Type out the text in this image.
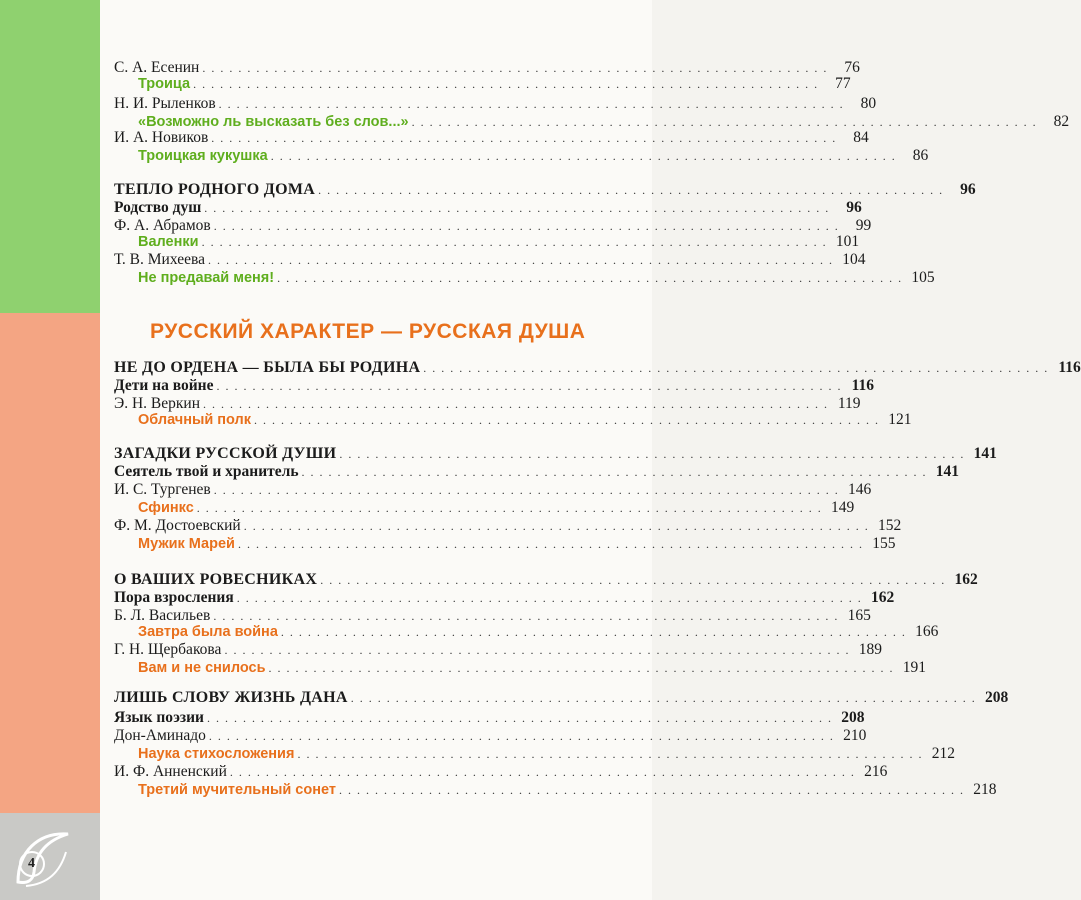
4
РУССКИЙ ХАРАКТЕР — РУССКАЯ ДУША
С. А. Есенин . . . . . . . . . . . . . . . . . . . . . . . . . . . . . . . . . . . . . . . . . . . . . . . . . . . . . . . . . . . . . . . . . . . . . .	76
Троица . . . . . . . . . . . . . . . . . . . . . . . . . . . . . . . . . . . . . . . . . . . . . . . . . . . . . . . . . . . . . . . . . . . . . .	77
Н. И. Рыленков . . . . . . . . . . . . . . . . . . . . . . . . . . . . . . . . . . . . . . . . . . . . . . . . . . . . . . . . . . . . . . . . . . . . . .	80
«Возможно ль высказать без слов...» . . . . . . . . . . . . . . . . . . . . . . . . . . . . . . . . . . . . . . . . . . . . . . . . . . . . . . . . . . . . . . . . . . . . . .	82
И. А. Новиков . . . . . . . . . . . . . . . . . . . . . . . . . . . . . . . . . . . . . . . . . . . . . . . . . . . . . . . . . . . . . . . . . . . . . .	84
Троицкая кукушка . . . . . . . . . . . . . . . . . . . . . . . . . . . . . . . . . . . . . . . . . . . . . . . . . . . . . . . . . . . . . . . . . . . . . .	86
ТЕПЛО РОДНОГО ДОМА . . . . . . . . . . . . . . . . . . . . . . . . . . . . . . . . . . . . . . . . . . . . . . . . . . . . . . . . . . . . . . . . . . . . . .	96
Родство душ . . . . . . . . . . . . . . . . . . . . . . . . . . . . . . . . . . . . . . . . . . . . . . . . . . . . . . . . . . . . . . . . . . . . . .	96
Ф. А. Абрамов . . . . . . . . . . . . . . . . . . . . . . . . . . . . . . . . . . . . . . . . . . . . . . . . . . . . . . . . . . . . . . . . . . . . . .	99
Валенки . . . . . . . . . . . . . . . . . . . . . . . . . . . . . . . . . . . . . . . . . . . . . . . . . . . . . . . . . . . . . . . . . . . . . . 101
Т. В. Михеева . . . . . . . . . . . . . . . . . . . . . . . . . . . . . . . . . . . . . . . . . . . . . . . . . . . . . . . . . . . . . . . . . . . . . . 104
Не предавай меня! . . . . . . . . . . . . . . . . . . . . . . . . . . . . . . . . . . . . . . . . . . . . . . . . . . . . . . . . . . . . . . . . . . . . . . 105
НЕ ДО ОРДЕНА — БЫЛА БЫ РОДИНА . . . . . . . . . . . . . . . . . . . . . . . . . . . . . . . . . . . . . . . . . . . . . . . . . . . . . . . . . . . . . . . . . . . . . . 116
Дети на войне . . . . . . . . . . . . . . . . . . . . . . . . . . . . . . . . . . . . . . . . . . . . . . . . . . . . . . . . . . . . . . . . . . . . . . 116
Э. Н. Веркин . . . . . . . . . . . . . . . . . . . . . . . . . . . . . . . . . . . . . . . . . . . . . . . . . . . . . . . . . . . . . . . . . . . . . . 119
Облачный полк . . . . . . . . . . . . . . . . . . . . . . . . . . . . . . . . . . . . . . . . . . . . . . . . . . . . . . . . . . . . . . . . . . . . . . 121
ЗАГАДКИ РУССКОЙ ДУШИ . . . . . . . . . . . . . . . . . . . . . . . . . . . . . . . . . . . . . . . . . . . . . . . . . . . . . . . . . . . . . . . . . . . . . . 141
Сеятель твой и хранитель . . . . . . . . . . . . . . . . . . . . . . . . . . . . . . . . . . . . . . . . . . . . . . . . . . . . . . . . . . . . . . . . . . . . . . 141
И. С. Тургенев . . . . . . . . . . . . . . . . . . . . . . . . . . . . . . . . . . . . . . . . . . . . . . . . . . . . . . . . . . . . . . . . . . . . . . 146
Сфинкс . . . . . . . . . . . . . . . . . . . . . . . . . . . . . . . . . . . . . . . . . . . . . . . . . . . . . . . . . . . . . . . . . . . . . . 149
Ф. М. Достоевский . . . . . . . . . . . . . . . . . . . . . . . . . . . . . . . . . . . . . . . . . . . . . . . . . . . . . . . . . . . . . . . . . . . . . . 152
Мужик Марей . . . . . . . . . . . . . . . . . . . . . . . . . . . . . . . . . . . . . . . . . . . . . . . . . . . . . . . . . . . . . . . . . . . . . . 155
О ВАШИХ РОВЕСНИКАХ . . . . . . . . . . . . . . . . . . . . . . . . . . . . . . . . . . . . . . . . . . . . . . . . . . . . . . . . . . . . . . . . . . . . . . 162
Пора взросления . . . . . . . . . . . . . . . . . . . . . . . . . . . . . . . . . . . . . . . . . . . . . . . . . . . . . . . . . . . . . . . . . . . . . . 162
Б. Л. Васильев . . . . . . . . . . . . . . . . . . . . . . . . . . . . . . . . . . . . . . . . . . . . . . . . . . . . . . . . . . . . . . . . . . . . . . 165
Завтра была война . . . . . . . . . . . . . . . . . . . . . . . . . . . . . . . . . . . . . . . . . . . . . . . . . . . . . . . . . . . . . . . . . . . . . . 166
Г. Н. Щербакова . . . . . . . . . . . . . . . . . . . . . . . . . . . . . . . . . . . . . . . . . . . . . . . . . . . . . . . . . . . . . . . . . . . . . . 189
Вам и не снилось . . . . . . . . . . . . . . . . . . . . . . . . . . . . . . . . . . . . . . . . . . . . . . . . . . . . . . . . . . . . . . . . . . . . . . 191
ЛИШЬ СЛОВУ ЖИЗНЬ ДАНА . . . . . . . . . . . . . . . . . . . . . . . . . . . . . . . . . . . . . . . . . . . . . . . . . . . . . . . . . . . . . . . . . . . . . . 208
Язык поэзии . . . . . . . . . . . . . . . . . . . . . . . . . . . . . . . . . . . . . . . . . . . . . . . . . . . . . . . . . . . . . . . . . . . . . . 208
Дон-Аминадо . . . . . . . . . . . . . . . . . . . . . . . . . . . . . . . . . . . . . . . . . . . . . . . . . . . . . . . . . . . . . . . . . . . . . . 210
Наука стихосложения . . . . . . . . . . . . . . . . . . . . . . . . . . . . . . . . . . . . . . . . . . . . . . . . . . . . . . . . . . . . . . . . . . . . . . 212
И. Ф. Анненский . . . . . . . . . . . . . . . . . . . . . . . . . . . . . . . . . . . . . . . . . . . . . . . . . . . . . . . . . . . . . . . . . . . . . . 216
Третий мучительный сонет . . . . . . . . . . . . . . . . . . . . . . . . . . . . . . . . . . . . . . . . . . . . . . . . . . . . . . . . . . . . . . . . . . . . . . 218
